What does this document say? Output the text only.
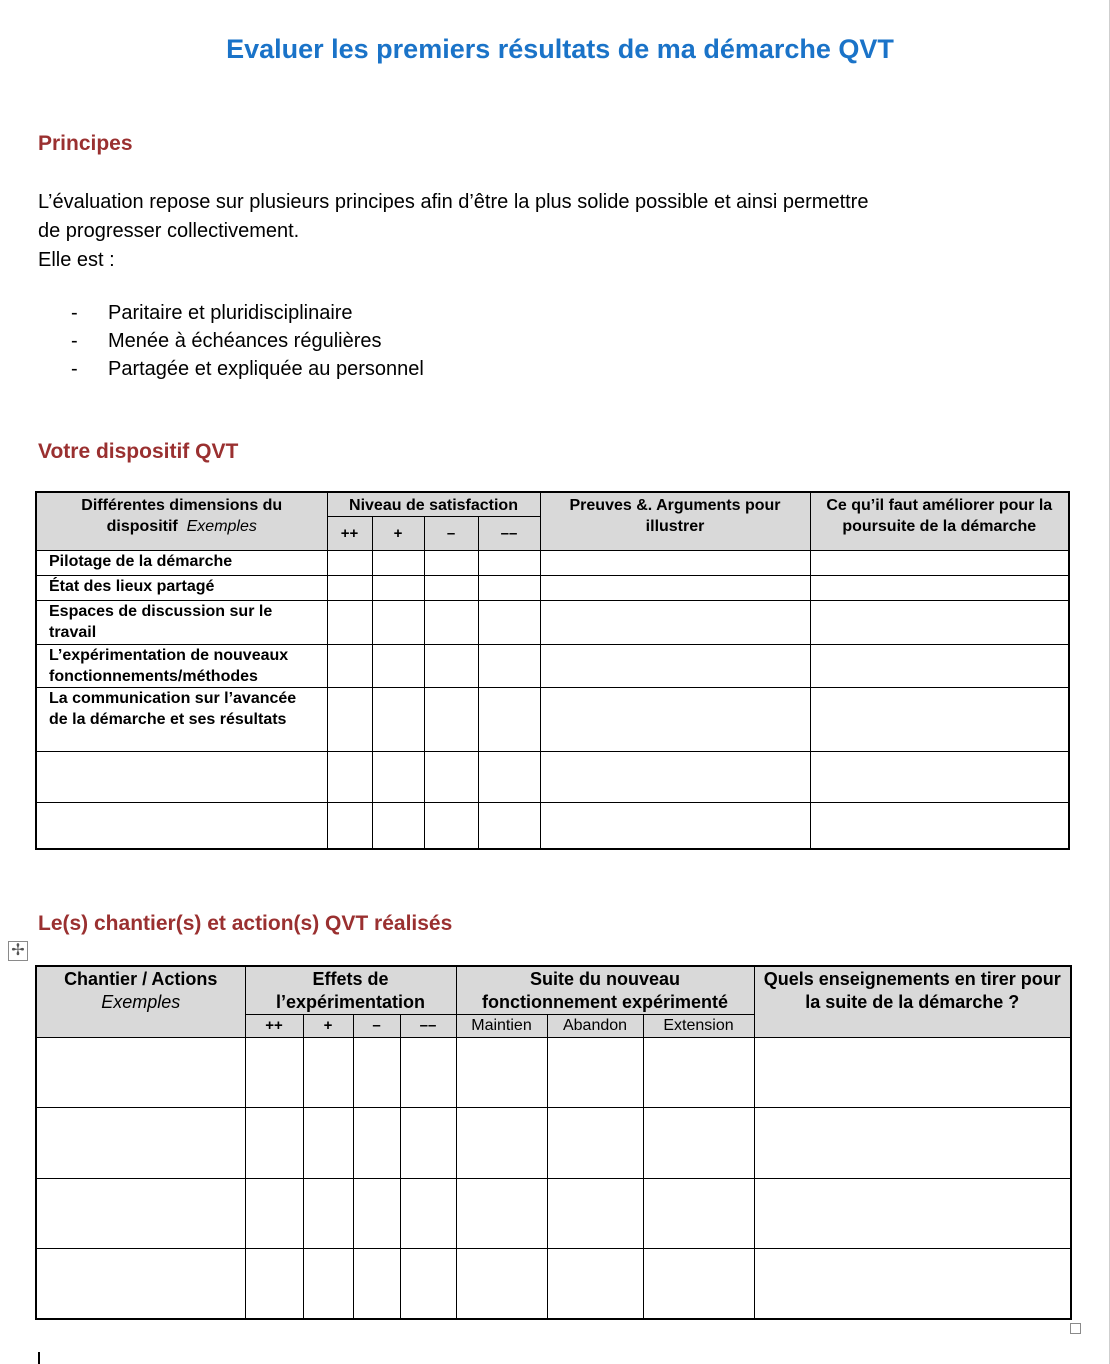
Evaluer les premiers résultats de ma démarche QVT
Principes
L’évaluation repose sur plusieurs principes afin d’être la plus solide possible et ainsi permettre
de progresser collectivement.
Elle est :
- Paritaire et pluridisciplinaire
- Menée à échéances régulières
- Partagée et expliquée au personnel
Votre dispositif QVT
Différentes dimensions du dispositif Exemples	Niveau de satisfaction				Preuves &. Arguments pour illustrer	Ce qu’il faut améliorer pour la poursuite de la démarche
	++	+	–	––		
Pilotage de la démarche						
État des lieux partagé						
Espaces de discussion sur le travail						
L’expérimentation de nouveaux fonctionnements/méthodes						
La communication sur l’avancée de la démarche et ses résultats						

Le(s) chantier(s) et action(s) QVT réalisés
✢
Chantier / Actions
Exemples	Effets de l’expérimentation				Suite du nouveau fonctionnement expérimenté			Quels enseignements en tirer pour la suite de la démarche ?
	++	+	–	––	Maintien	Abandon	Extension	
